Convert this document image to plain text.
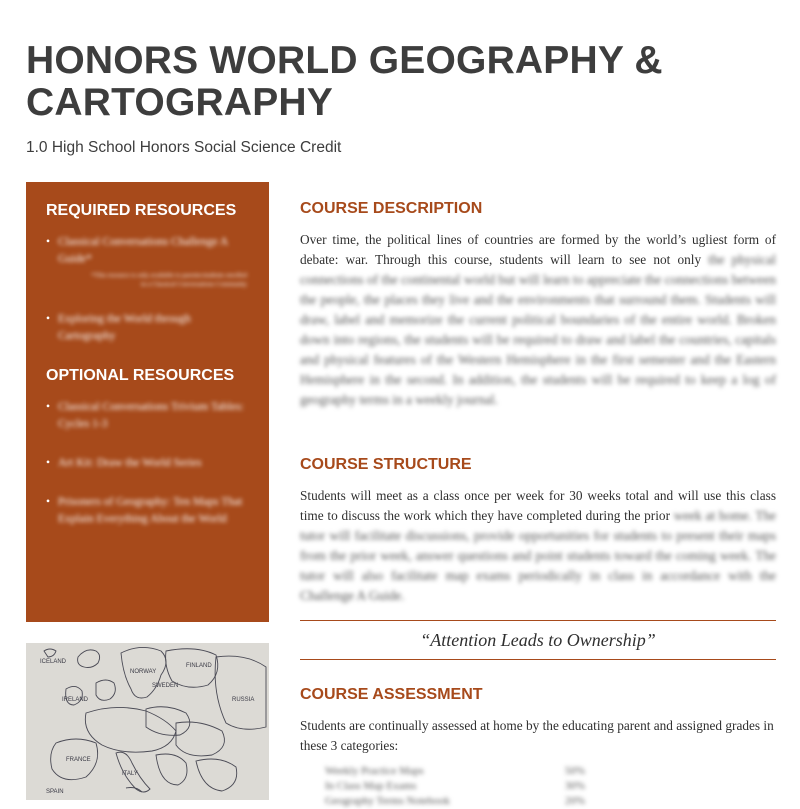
HONORS WORLD GEOGRAPHY & CARTOGRAPHY

1.0 High School Honors Social Science Credit

REQUIRED RESOURCES
• Classical Conversations Challenge A Guide*
*This resource is only available to parents/students enrolled in a Classical Conversations Community
• Exploring the World through Cartography
OPTIONAL RESOURCES
• Classical Conversations Trivium Tables: Cycles 1-3
• Art Kit: Draw the World Series
• Prisoners of Geography: Ten Maps That Explain Everything About the World
ICELAND
NORWAY
SWEDEN
FINLAND
RUSSIA
IRELAND
FRANCE
SPAIN
ITALY
COURSE DESCRIPTION

Over time, the political lines of countries are formed by the world’s ugliest form of debate: war. Through this course, students will learn to see not only the physical connections of the continental world but will learn to appreciate the connections between the people, the places they live and the environments that surround them. Students will draw, label and memorize the current political boundaries of the entire world. Broken down into regions, the students will be required to draw and label the countries, capitals and physical features of the Western Hemisphere in the first semester and the Eastern Hemisphere in the second. In addition, the students will be required to keep a log of geography terms in a weekly journal.

COURSE STRUCTURE

Students will meet as a class once per week for 30 weeks total and will use this class time to discuss the work which they have completed during the prior week at home. The tutor will facilitate discussions, provide opportunities for students to present their maps from the prior week, answer questions and point students toward the coming week. The tutor will also facilitate map exams periodically in class in accordance with the Challenge A Guide.

“Attention Leads to Ownership”
COURSE ASSESSMENT

Students are continually assessed at home by the educating parent and assigned grades in these 3 categories:

Weekly Practice Maps	50%
In Class Map Exams	30%
Geography Terms Notebook	20%
